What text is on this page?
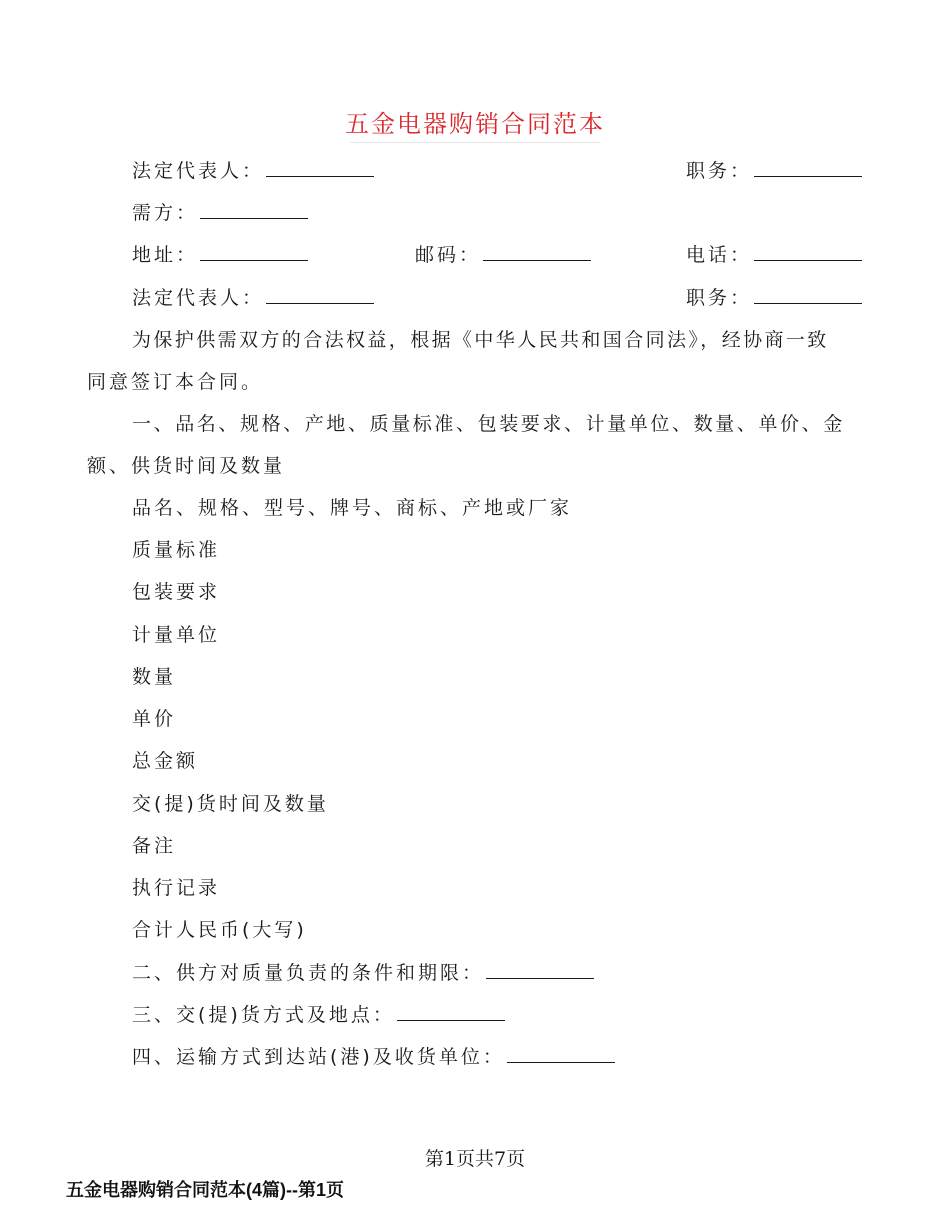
五金电器购销合同范本
法定代表人：	职务：
需方：
地址：	邮码：	电话：
法定代表人：	职务：
为保护供需双方的合法权益，根据《中华人民共和国合同法》，经协商一致
同意签订本合同。
一、品名、规格、产地、质量标准、包装要求、计量单位、数量、单价、金
额、供货时间及数量
品名、规格、型号、牌号、商标、产地或厂家
质量标准
包装要求
计量单位
数量
单价
总金额
交(提)货时间及数量
备注
执行记录
合计人民币(大写)
二、供方对质量负责的条件和期限：
三、交(提)货方式及地点：
四、运输方式到达站(港)及收货单位：
第1页共7页
五金电器购销合同范本(4篇)--第1页
